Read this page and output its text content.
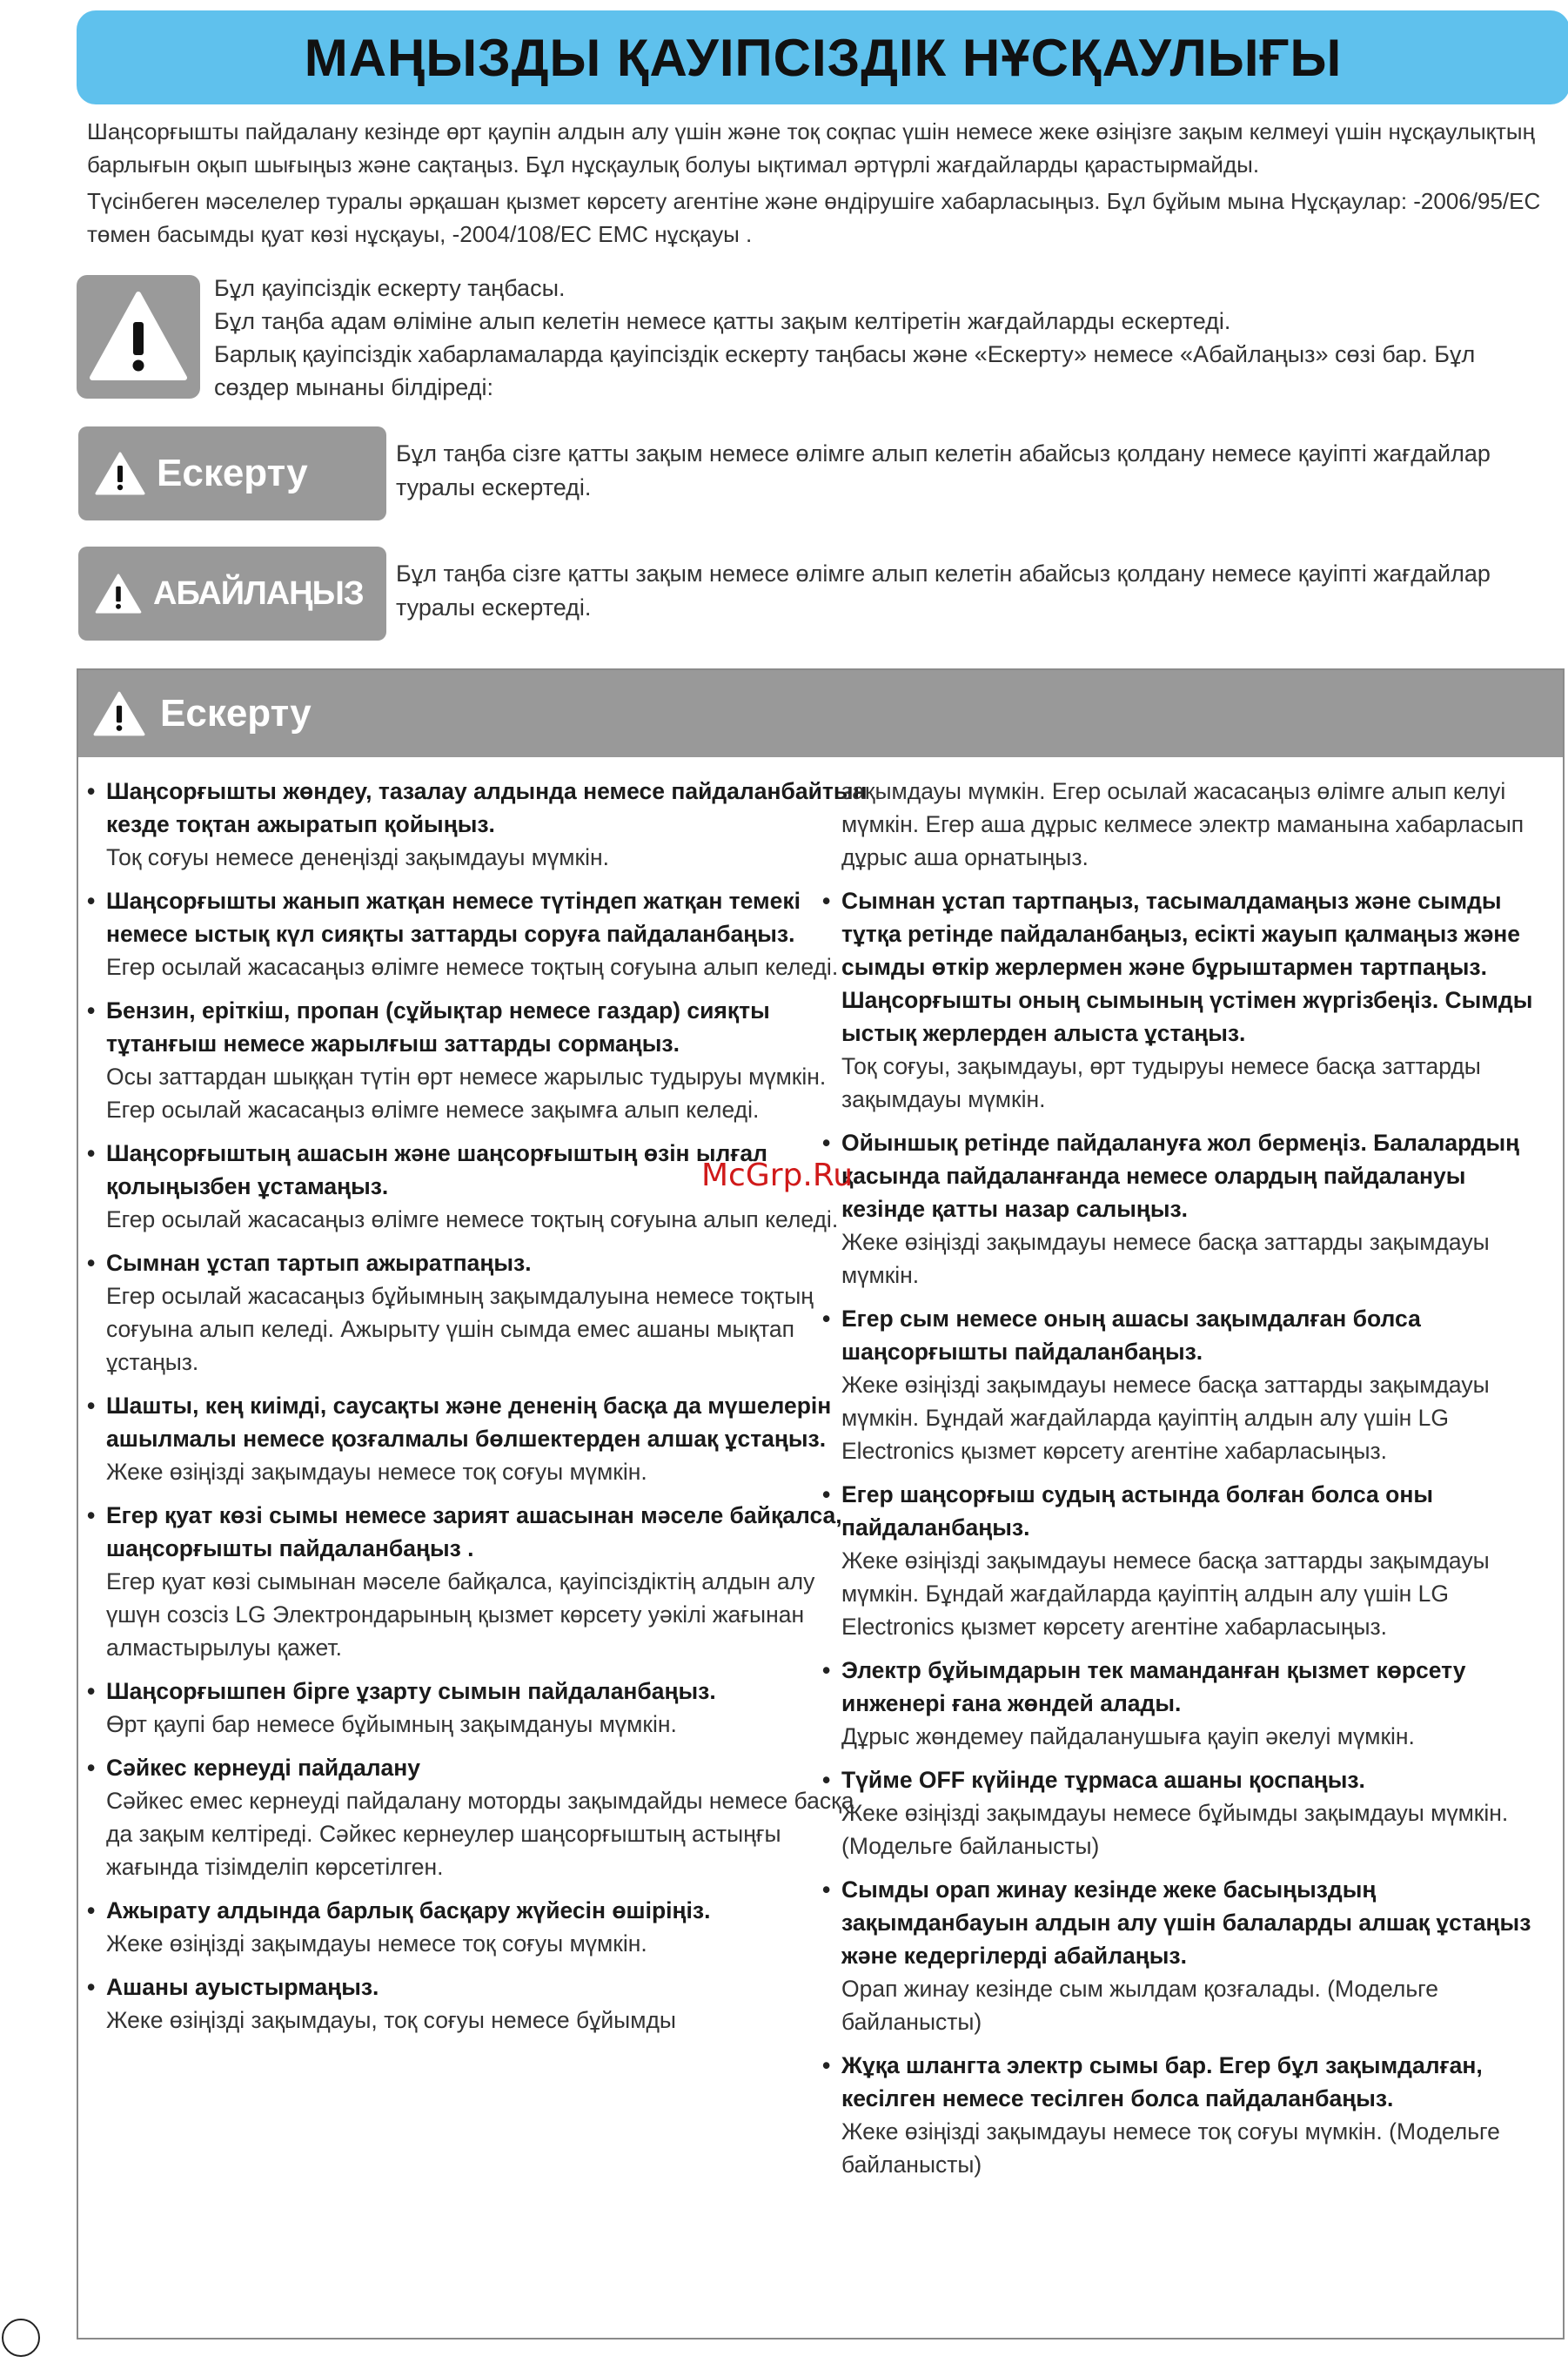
МАҢЫЗДЫ ҚАУІПСІЗДІК НҰСҚАУЛЫҒЫ

Шаңсорғышты пайдалану кезінде өрт қаупін алдын алу үшін және тоқ соқпас үшін немесе жеке өзіңізге зақым келмеуі үшін нұсқаулықтың барлығын оқып шығыңыз және сақтаңыз. Бұл нұсқаулық болуы ықтимал әртүрлі жағдайларды қарастырмайды.

Түсінбеген мәселелер туралы әрқашан қызмет көрсету агентіне және өндірушіге хабарласыңыз. Бұл бұйым мына Нұсқаулар: -2006/95/EC төмен басымды қуат көзі нұсқауы, -2004/108/EC EMC нұсқауы .

Бұл қауіпсіздік ескерту таңбасы.

Бұл таңба адам өліміне алып келетін немесе қатты зақым келтіретін жағдайларды ескертеді.

Барлық қауіпсіздік хабарламаларда қауіпсіздік ескерту таңбасы және «Ескерту» немесе «Абайлаңыз» сөзі бар. Бұл сөздер мынаны білдіреді:

Ескерту	Бұл таңба сізге қатты зақым немесе өлімге алып келетін абайсыз қолдану немесе қауіпті жағдайлар туралы ескертеді.
АБАЙЛАҢЫЗ
Бұл таңба сізге қатты зақым немесе өлімге алып келетін абайсыз қолдану немесе қауіпті жағдайлар туралы ескертеді.
Ескерту
• Шаңсорғышты жөндеу, тазалау алдында немесе пайдаланбайтын кезде тоқтан ажыратып қойыңыз.
Тоқ соғуы немесе денеңізді зақымдауы мүмкін.
• Шаңсорғышты жанып жатқан немесе түтіндеп жатқан темекі немесе ыстық күл сияқты заттарды соруға пайдаланбаңыз.
Егер осылай жасасаңыз өлімге немесе тоқтың соғуына алып келеді.
• Бензин, еріткіш, пропан (сұйықтар немесе газдар) сияқты тұтанғыш немесе жарылғыш заттарды сормаңыз.
Осы заттардан шыққан түтін өрт немесе жарылыс тудыруы мүмкін. Егер осылай жасасаңыз өлімге немесе зақымға алып келеді.
• Шаңсорғыштың ашасын және шаңсорғыштың өзін ылғал қолыңызбен ұстамаңыз.
Егер осылай жасасаңыз өлімге немесе тоқтың соғуына алып келеді.
• Сымнан ұстап тартып ажыратпаңыз.
Егер осылай жасасаңыз бұйымның зақымдалуына немесе тоқтың соғуына алып келеді. Ажырыту үшін сымда емес ашаны мықтап ұстаңыз.
• Шашты, кең киімді, саусақты және дененің басқа да мүшелерін ашылмалы немесе қозғалмалы бөлшектерден алшақ ұстаңыз.
Жеке өзіңізді зақымдауы немесе тоқ соғуы мүмкін.
• Егер қуат көзі сымы немесе зарият ашасынан мәселе байқалса, шаңсорғышты пайдаланбаңыз .
Егер қуат көзі сымынан мәселе байқалса, қауіпсіздіктің алдын алу үшүн созсіз LG Электрондарының қызмет көрсету уәкілі жағынан алмастырылуы қажет.
• Шаңсорғышпен бірге ұзарту сымын пайдаланбаңыз.
Өрт қаупі бар немесе бұйымның зақымдануы мүмкін.
• Сәйкес кернеуді пайдалану
Сәйкес емес кернеуді пайдалану моторды зақымдайды немесе басқа да зақым келтіреді. Сәйкес кернеулер шаңсорғыштың астыңғы жағында тізімделіп көрсетілген.
• Ажырату алдында барлық басқару жүйесін өшіріңіз.
Жеке өзіңізді зақымдауы немесе тоқ соғуы мүмкін.
• Ашаны ауыстырмаңыз.
Жеке өзіңізді зақымдауы, тоқ соғуы немесе бұйымды
зақымдауы мүмкін. Егер осылай жасасаңыз өлімге алып келуі мүмкін. Егер аша дұрыс келмесе электр маманына хабарласып дұрыс аша орнатыңыз.
• Сымнан ұстап тартпаңыз, тасымалдамаңыз және сымды тұтқа ретінде пайдаланбаңыз, есікті жауып қалмаңыз және сымды өткір жерлермен және бұрыштармен тартпаңыз. Шаңсорғышты оның сымының үстімен жүргізбеңіз. Сымды ыстық жерлерден алыста ұстаңыз.
Тоқ соғуы, зақымдауы, өрт тудыруы немесе басқа заттарды зақымдауы мүмкін.
• Ойыншық ретінде пайдалануға жол бермеңіз. Балалардың қасында пайдаланғанда немесе олардың пайдалануы кезінде қатты назар салыңыз.
Жеке өзіңізді зақымдауы немесе басқа заттарды зақымдауы мүмкін.
• Егер сым немесе оның ашасы зақымдалған болса шаңсорғышты пайдаланбаңыз.
Жеке өзіңізді зақымдауы немесе басқа заттарды зақымдауы мүмкін. Бұндай жағдайларда қауіптің алдын алу үшін LG Electronics қызмет көрсету агентіне хабарласыңыз.
• Егер шаңсорғыш судың астында болған болса оны пайдаланбаңыз.
Жеке өзіңізді зақымдауы немесе басқа заттарды зақымдауы мүмкін. Бұндай жағдайларда қауіптің алдын алу үшін LG Electronics қызмет көрсету агентіне хабарласыңыз.
• Электр бұйымдарын тек маманданған қызмет көрсету инженері ғана жөндей алады.
Дұрыс жөндемеу пайдаланушыға қауіп әкелуі мүмкін.
• Түйме OFF күйінде тұрмаса ашаны қоспаңыз.
Жеке өзіңізді зақымдауы немесе бұйымды зақымдауы мүмкін. (Модельге байланысты)
• Сымды орап жинау кезінде жеке басыңыздың зақымданбауын алдын алу үшін балаларды алшақ ұстаңыз және кедергілерді абайлаңыз.
Орап жинау кезінде сым жылдам қозғалады. (Модельге байланысты)
• Жұқа шлангта электр сымы бар. Егер бұл зақымдалған, кесілген немесе тесілген болса пайдаланбаңыз.
Жеке өзіңізді зақымдауы немесе тоқ соғуы мүмкін. (Модельге байланысты)
McGrp.Ru
